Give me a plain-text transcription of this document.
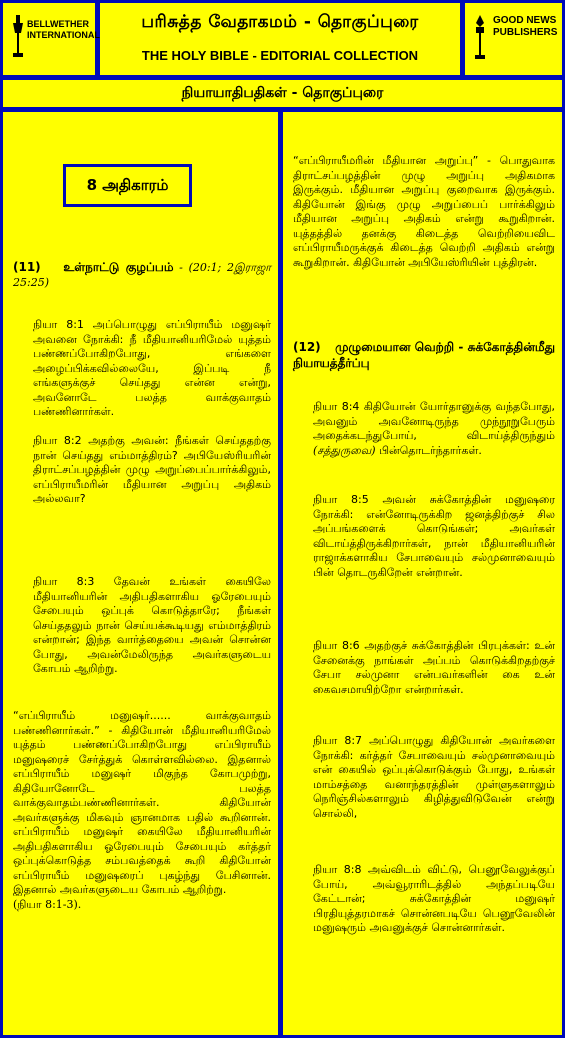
BELLWETHER INTERNATIONAL
பரிசுத்த வேதாகமம் - தொகுப்புரை
THE HOLY BIBLE - EDITORIAL COLLECTION
GOOD NEWS PUBLISHERS
நியாயாதிபதிகள் - தொகுப்புரை
8 அதிகாரம்

(11) உள்நாட்டு குழப்பம் - (20:1; 2இராஜா 25:25)

நியா 8:1 அப்பொழுது எப்பிராயீம் மனுஷர் அவனை நோக்கி: நீ மீதியானியரிமேல் யுத்தம் பண்ணப்போகிறபோது, எங்களை அழைப்பிக்கவில்லையே, இப்படி நீ எங்களுக்குச் செய்தது என்ன என்று, அவனோடே பலத்த வாக்குவாதம் பண்ணினார்கள்.

நியா 8:2 அதற்கு அவன்: நீங்கள் செய்ததற்கு நான் செய்தது எம்மாத்திரம்? அபியேஸ்ரியரின் திராட்சப்பழத்தின் முழு அறுப்பைப்பார்க்கிலும், எப்பிராயீமரின் மீதியான அறுப்பு அதிகம் அல்லவா?

நியா 8:3 தேவன் உங்கள் கையிலே மீதியானியரின் அதிபதிகளாகிய ஓரேபையும் சேபையும் ஒப்புக் கொடுத்தாரே; நீங்கள் செய்ததலும் நான் செய்யக்கூடியது எம்மாத்திரம் என்றான்; இந்த வார்த்தையை அவன் சொன்ன போது, அவன்மேலிருந்த அவர்களுடைய கோபம் ஆறிற்று.

“எப்பிராயீம் மனுஷர்...... வாக்குவாதம் பண்ணினார்கள்.” - கிதியோன் மீதியானியரிமேல் யுத்தம் பண்ணப்போகிறபோது எப்பிராயீம் மனுஷரைச் சேர்த்துக் கொள்ளவில்லை. இதனால் எப்பிராயீம் மனுஷர் மிகுந்த கோபமுற்று, கிதியோனோடே பலத்த வாக்குவாதம்பண்ணினார்கள். கிதியோன் அவர்களுக்கு மிகவும் ஞானமாக பதில் கூறினான். எப்பிராயீம் மனுஷர் கையிலே மீதியானியரின் அதிபதிகளாகிய ஓரேபையும் சேபையும் கர்த்தர் ஒப்புக்கொடுத்த சம்பவத்தைக் கூறி கிதியோன் எப்பிராயீம் மனுஷரைப் புகழ்ந்து பேசினான். இதனால் அவர்களுடைய கோபம் ஆறிற்று.

(நியா 8:1-3).

“எப்பிராயீமரின் மீதியான அறுப்பு” - பொதுவாக திராட்சப்பழத்தின் முழு அறுப்பு அதிகமாக இருக்கும். மீதியான அறுப்பு குறைவாக இருக்கும். கிதியோன் இங்கு முழு அறுப்பைப் பார்க்கிலும் மீதியான அறுப்பு அதிகம் என்று கூறுகிறான். யுத்தத்தில் தனக்கு கிடைத்த வெற்றியைவிட எப்பிராயீமருக்குக் கிடைத்த வெற்றி அதிகம் என்று கூறுகிறான். கிதியோன் அபியேஸ்ரியின் புத்திரன்.

(12) முழுமையான வெற்றி - சுக்கோத்தின்மீது நியாயத்தீர்ப்பு

நியா 8:4 கிதியோன் யோர்தானுக்கு வந்தபோது, அவனும் அவனோடிருந்த முந்நூறுபேரும் அதைக்கடந்துபோய், விடாய்த்திருந்தும் (சத்துருவை) பின்தொடர்ந்தார்கள்.

நியா 8:5 அவன் சுக்கோத்தின் மனுஷரை நோக்கி: என்னோடிருக்கிற ஜனத்திற்குச் சில அப்பங்களைக் கொடுங்கள்; அவர்கள் விடாய்த்திருக்கிறார்கள், நான் மீதியானியரின் ராஜாக்களாகிய சேபாவையும் சல்முனாவையும் பின் தொடருகிறேன் என்றான்.

நியா 8:6 அதற்குச் சுக்கோத்தின் பிரபுக்கள்: உன் சேனைக்கு நாங்கள் அப்பம் கொடுக்கிறதற்குச் சேபா சல்முனா என்பவர்களின் கை உன் கைவசமாயிற்றோ என்றார்கள்.

நியா 8:7 அப்பொழுது கிதியோன் அவர்களை நோக்கி: கர்த்தர் சேபாவையும் சல்முனாவையும் என் கையில் ஒப்புக்கொடுக்கும் போது, உங்கள் மாம்சத்தை வனாந்தரத்தின் முள்ளுகளாலும் நெரிஞ்சில்களாலும் கிழித்துவிடுவேன் என்று சொல்லி,

நியா 8:8 அவ்விடம் விட்டு, பெனூவேலுக்குப் போய், அவ்வூராரிடத்தில் அந்தப்படியே கேட்டான்; சுக்கோத்தின் மனுஷர் பிரதியுத்தரமாகச் சொன்னபடியே பெனூவேலின் மனுஷரும் அவனுக்குச் சொன்னார்கள்.
